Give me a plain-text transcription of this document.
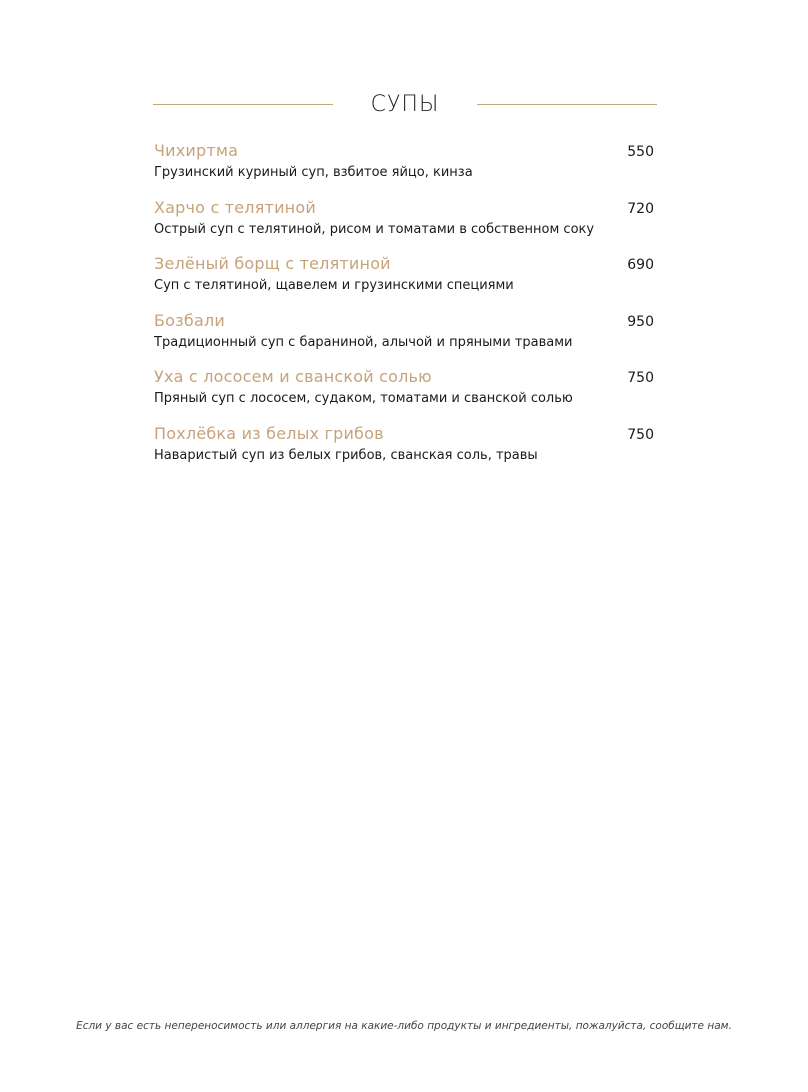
СУПЫ
Чихиртма	550
Грузинский куриный суп, взбитое яйцо, кинза
Харчо с телятиной	720
Острый суп с телятиной, рисом и томатами в собственном соку
Зелёный борщ с телятиной	690
Суп с телятиной, щавелем и грузинскими специями
Бозбали	950
Традиционный суп с бараниной, алычой и пряными травами
Уха с лососем и сванской солью	750
Пряный суп с лососем, судаком, томатами и сванской солью
Похлёбка из белых грибов	750
Наваристый суп из белых грибов, сванская соль, травы
Если у вас есть непереносимость или аллергия на какие-либо продукты и ингредиенты, пожалуйста, сообщите нам.
